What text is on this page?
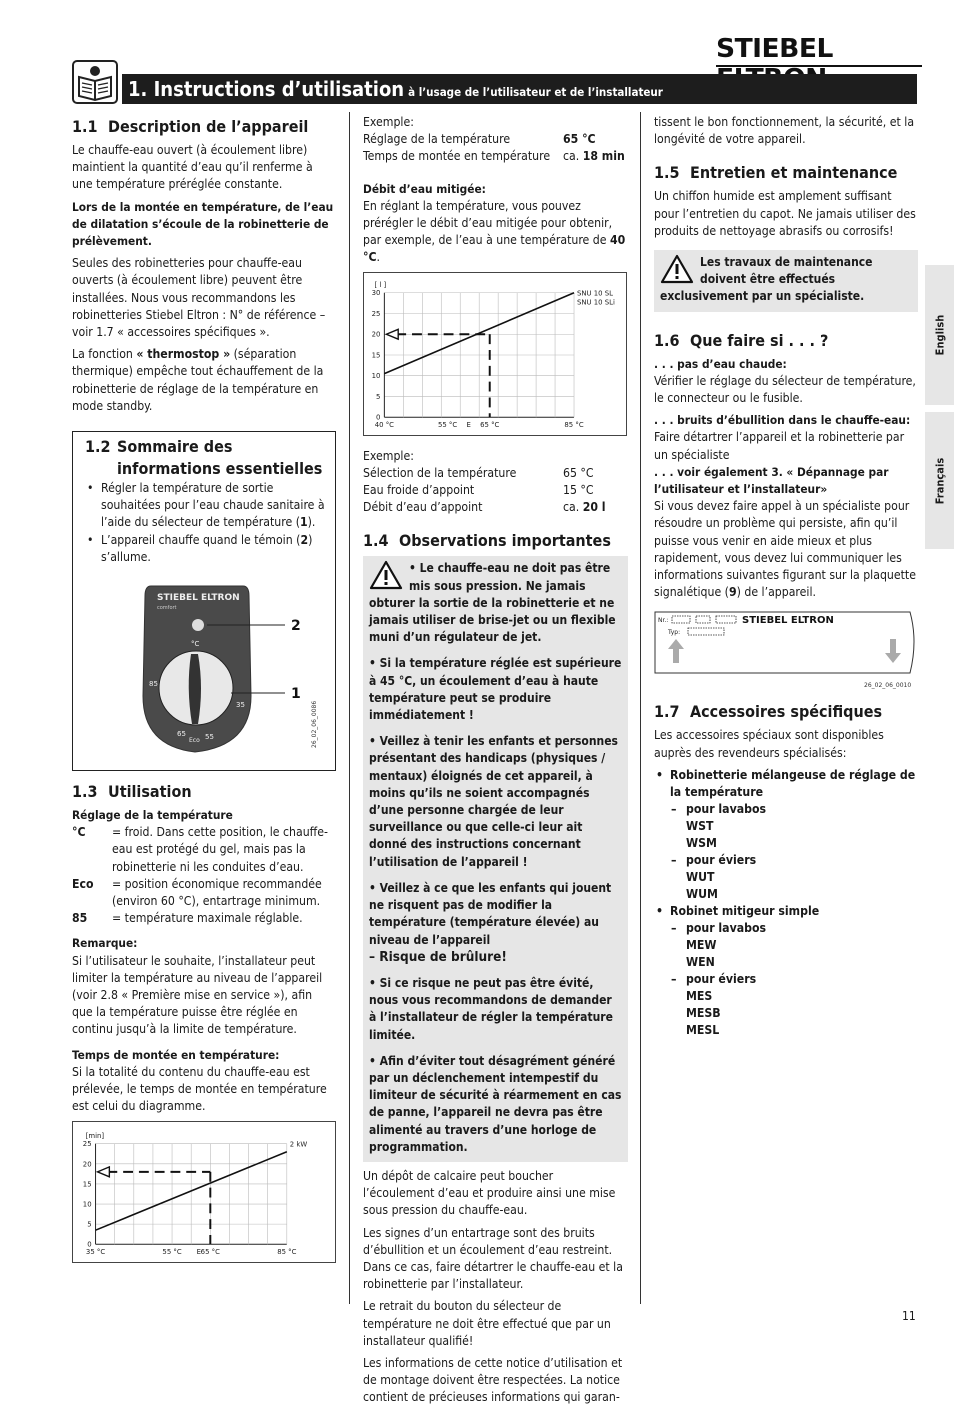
STIEBEL
1. Instructions d’utilisation à l’usage de l’utilisateur et de l’installateur
English
Français
1.1 Description de l’appareil

Le chauffe-eau ouvert (à écoulement libre) maintient la quantité d’eau qu’il renferme à une température préréglée constante.

Lors de la montée en température, de l’eau de dilatation s’écoule de la robinetterie de prélèvement.

Seules des robinetteries pour chauffe-eau ouverts (à écoulement libre) peuvent être installées. Nous vous recommandons les robinetteries Stiebel Eltron : N° de référence – voir 1.7 « accessoires spécifiques ».

La fonction « thermostop » (séparation thermique) empêche tout échauffement de la robinetterie de réglage de la température en mode standby.

1.2 Sommaire des informations essentielles
• Régler la température de sortie souhaitées pour l’eau chaude sanitaire à l’aide du sélecteur de température (1).
• L’appareil chauffe quand le témoin (2) s’allume.
STIEBEL ELTRON
comfort
°C
85
35
65
Eco 55
2
1
26_02_06_0086
1.3 Utilisation
Réglage de la température
°C	= froid. Dans cette position, le chauffe-eau est protégé du gel, mais pas la robinetterie ni les conduites d’eau.
Eco	= position économique recommandée (environ 60 °C), entartrage minimum.
85	= température maximale réglable.
Remarque:

Si l’utilisateur le souhaite, l’installateur peut limiter la température au niveau de l’appareil (voir 2.8 « Première mise en service »), afin que la température puisse être réglée en continu jusqu’à la limite de température.

Temps de montée en température:

Si la totalité du contenu du chauffe-eau est prélevée, le temps de montée en température est celui du diagramme.

0
5
10
15
20
25
[min]
35 °C	55 °C E 65 °C	85 °C
2 kW
Exemple:
Réglage de la température	65 °C
Temps de montée en température	ca. 18 min
Débit d’eau mitigée:

En réglant la température, vous pouvez prérégler le débit d’eau mitigée pour obtenir, par exemple, de l’eau à une température de 40 °C.

0
5
10
15
20
25
30
[ l ]
40 °C	55 °C E 65 °C	85 °C
SNU 10 SL
SNU 10 SLi
Exemple:
Sélection de la température	65 °C
Eau froide d’appoint	15 °C
Débit d’eau d’appoint	ca. 20 l
1.4 Observations importantes

• Le chauffe-eau ne doit pas être mis sous pression. Ne jamais obturer la sortie de la robinetterie et ne jamais utiliser de brise-jet ou un flexible muni d’un régulateur de jet.

• Si la température réglée est supérieure à 45 °C, un écoulement d’eau à haute température peut se produire immédiatement !

• Veillez à tenir les enfants et personnes présentant des handicaps (physiques / mentaux) éloignés de cet appareil, à moins qu’ils ne soient accompagnés d’une personne chargée de leur surveillance ou que celle-ci leur ait donné des instructions concernant l’utilisation de l’appareil !

• Veillez à ce que les enfants qui jouent ne risquent pas de modifier la température (température élevée) au niveau de l’appareil

– Risque de brûlure!

• Si ce risque ne peut pas être évité, nous vous recommandons de demander à l’installateur de régler la température limitée.

• Afin d’éviter tout désagrément généré par un déclenchement intempestif du limiteur de sécurité à réarmement en cas de panne, l’appareil ne devra pas être alimenté au travers d’une horloge de programmation.

Un dépôt de calcaire peut boucher l’écoulement d’eau et produire ainsi une mise sous pression du chauffe-eau.

Les signes d’un entartrage sont des bruits d’ébullition et un écoulement d’eau restreint. Dans ce cas, faire détartrer le chauffe-eau et la robinetterie par l’installateur.

Le retrait du bouton du sélecteur de température ne doit être effectué que par un installateur qualifié!

Les informations de cette notice d’utilisation et de montage doivent être respectées. La notice contient de précieuses informations qui garan-

tissent le bon fonctionnement, la sécurité, et la longévité de votre appareil.

1.5 Entretien et maintenance

Un chiffon humide est amplement suffisant pour l’entretien du capot. Ne jamais utiliser des produits de nettoyage abrasifs ou corrosifs!

Les travaux de maintenance doivent être effectués exclusivement par un spécialiste.
1.6 Que faire si . . . ?
. . . pas d’eau chaude:

Vérifier le réglage du sélecteur de température, le connecteur ou le fusible.

. . . bruits d’ébullition dans le chauffe-eau:

Faire détartrer l’appareil et la robinetterie par un spécialiste

. . . voir également 3. « Dépannage par l’utilisateur et l’installateur»

Si vous devez faire appel à un spécialiste pour résoudre un problème qui persiste, afin qu’il puisse vous venir en aide mieux et plus rapidement, vous devez lui communiquer les informations suivantes figurant sur la plaquette signalétique (9) de l’appareil.

Nr.:
Typ:
STIEBEL ELTRON
26_02_06_0010
1.7 Accessoires spécifiques

Les accessoires spéciaux sont disponibles auprès des revendeurs spécialisés:

• Robinetterie mélangeuse de réglage de la température
– pour lavabos
WST
WSM
– pour éviers
WUT
WUM
• Robinet mitigeur simple
– pour lavabos
MEW
WEN
– pour éviers
MES
MESB
MESL
11
